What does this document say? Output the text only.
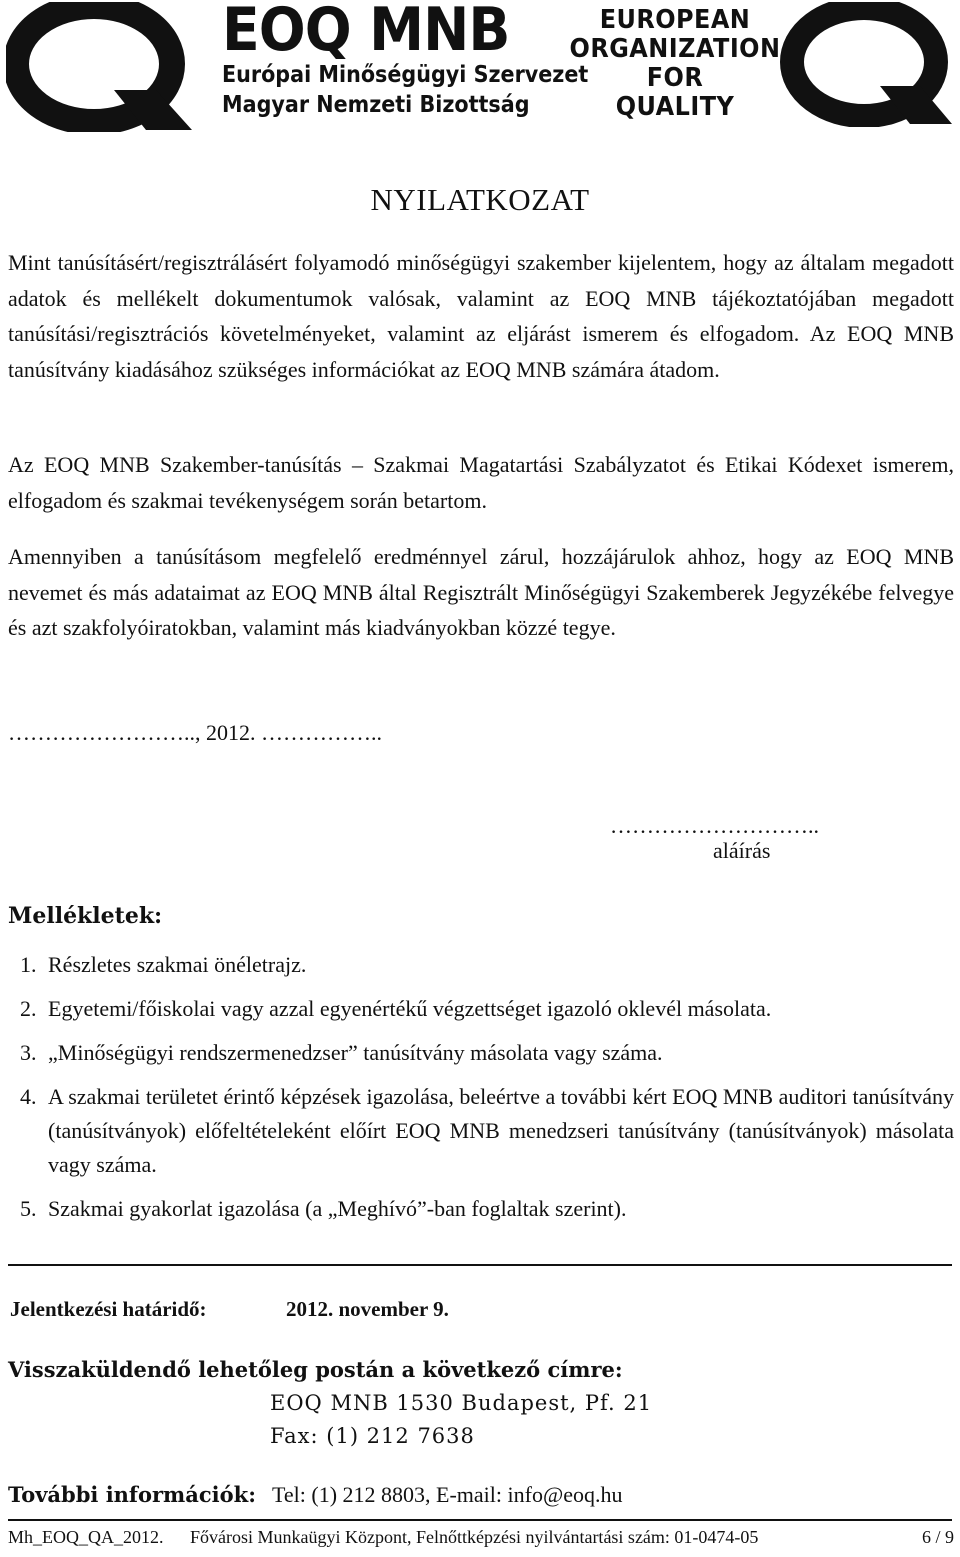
EOQ MNB
Európai Minőségügyi Szervezet
Magyar Nemzeti Bizottság
EUROPEAN
ORGANIZATION
FOR
QUALITY
NYILATKOZAT

Mint tanúsításért/regisztrálásért folyamodó minőségügyi szakember kijelentem, hogy az általam megadott adatok és mellékelt dokumentumok valósak, valamint az EOQ MNB tájékoztatójában megadott tanúsítási/regisztrációs követelményeket, valamint az eljárást ismerem és elfogadom. Az EOQ MNB tanúsítvány kiadásához szükséges információkat az EOQ MNB számára átadom.

Az EOQ MNB Szakember-tanúsítás – Szakmai Magatartási Szabályzatot és Etikai Kódexet ismerem, elfogadom és szakmai tevékenységem során betartom.

Amennyiben a tanúsításom megfelelő eredménnyel zárul, hozzájárulok ahhoz, hogy az EOQ MNB nevemet és más adataimat az EOQ MNB által Regisztrált Minőségügyi Szakemberek Jegyzékébe felvegye és azt szakfolyóiratokban, valamint más kiadványokban közzé tegye.

…………………….., 2012. ……………..
………………………..
aláírás
Mellékletek:
1. Részletes szakmai önéletrajz.
2. Egyetemi/főiskolai vagy azzal egyenértékű végzettséget igazoló oklevél másolata.
3. „Minőségügyi rendszermenedzser” tanúsítvány másolata vagy száma.
4. A szakmai területet érintő képzések igazolása, beleértve a további kért EOQ MNB auditori tanúsítvány (tanúsítványok) előfeltételeként előírt EOQ MNB menedzseri tanúsítvány (tanúsítványok) másolata vagy száma.
5. Szakmai gyakorlat igazolása (a „Meghívó”-ban foglaltak szerint).
Jelentkezési határidő:	2012. november 9.
Visszaküldendő lehetőleg postán a következő címre:
EOQ MNB 1530 Budapest, Pf. 21
Fax: (1) 212 7638
További információk: Tel: (1) 212 8803, E-mail: info@eoq.hu
Mh_EOQ_QA_2012. Fővárosi Munkaügyi Központ, Felnőttképzési nyilvántartási szám: 01-0474-05	6 / 9
